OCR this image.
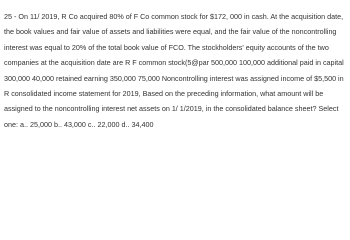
25 - On 11/ 2019, R Co acquired 80% of F Co common stock for $172, 000 in cash. At the acquisition date,
the book values and fair value of assets and liabilities were equal, and the fair value of the noncontrolling
interest was equal to 20% of the total book value of FCO. The stockholders' equity accounts of the two
companies at the acquisition date are R F common stock(5@par 500,000 100,000 additional paid in capital
300,000 40,000 retained earning 350,000 75,000 Noncontrolling interest was assigned income of $5,500 in
R consolidated income statement for 2019, Based on the preceding information, what amount will be
assigned to the noncontrolling interest net assets on 1/ 1/2019, in the consolidated balance sheet? Select
one: a.. 25,000 b.. 43,000 c.. 22,000 d.. 34,400
